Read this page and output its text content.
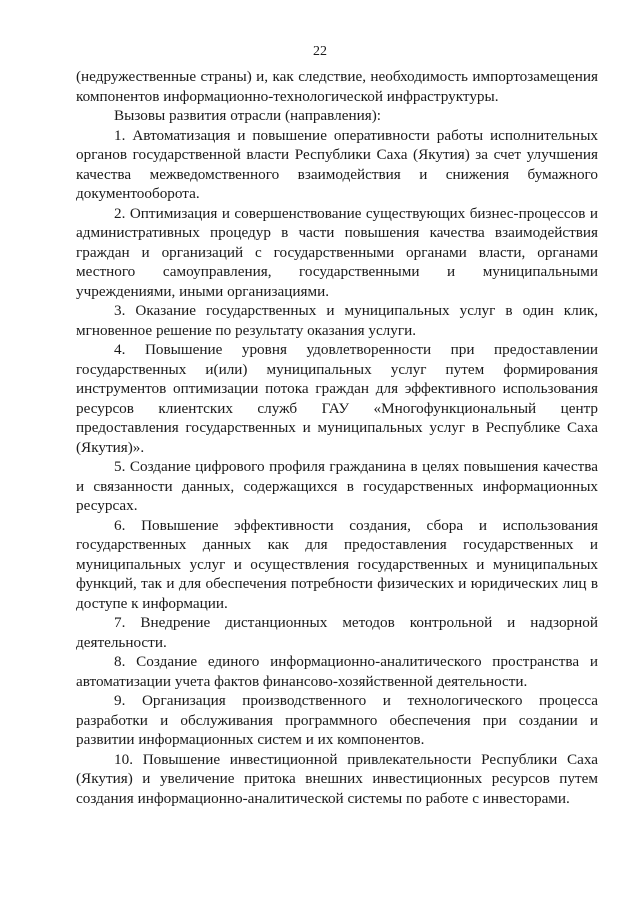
22

(недружественные страны) и, как следствие, необходимость импортозамещения компонентов информационно-технологической инфраструктуры.

Вызовы развития отрасли (направления):

1. Автоматизация и повышение оперативности работы исполнительных органов государственной власти Республики Саха (Якутия) за счет улучшения качества межведомственного взаимодействия и снижения бумажного документооборота.

2. Оптимизация и совершенствование существующих бизнес-процессов и административных процедур в части повышения качества взаимодействия граждан и организаций с государственными органами власти, органами местного самоуправления, государственными и муниципальными учреждениями, иными организациями.

3. Оказание государственных и муниципальных услуг в один клик, мгновенное решение по результату оказания услуги.

4. Повышение уровня удовлетворенности при предоставлении государственных и(или) муниципальных услуг путем формирования инструментов оптимизации потока граждан для эффективного использования ресурсов клиентских служб ГАУ «Многофункциональный центр предоставления государственных и муниципальных услуг в Республике Саха (Якутия)».

5. Создание цифрового профиля гражданина в целях повышения качества и связанности данных, содержащихся в государственных информационных ресурсах.

6. Повышение эффективности создания, сбора и использования государственных данных как для предоставления государственных и муниципальных услуг и осуществления государственных и муниципальных функций, так и для обеспечения потребности физических и юридических лиц в доступе к информации.

7. Внедрение дистанционных методов контрольной и надзорной деятельности.

8. Создание единого информационно-аналитического пространства и автоматизации учета фактов финансово-хозяйственной деятельности.

9. Организация производственного и технологического процесса разработки и обслуживания программного обеспечения при создании и развитии информационных систем и их компонентов.

10. Повышение инвестиционной привлекательности Республики Саха (Якутия) и увеличение притока внешних инвестиционных ресурсов путем создания информационно-аналитической системы по работе с инвесторами.
